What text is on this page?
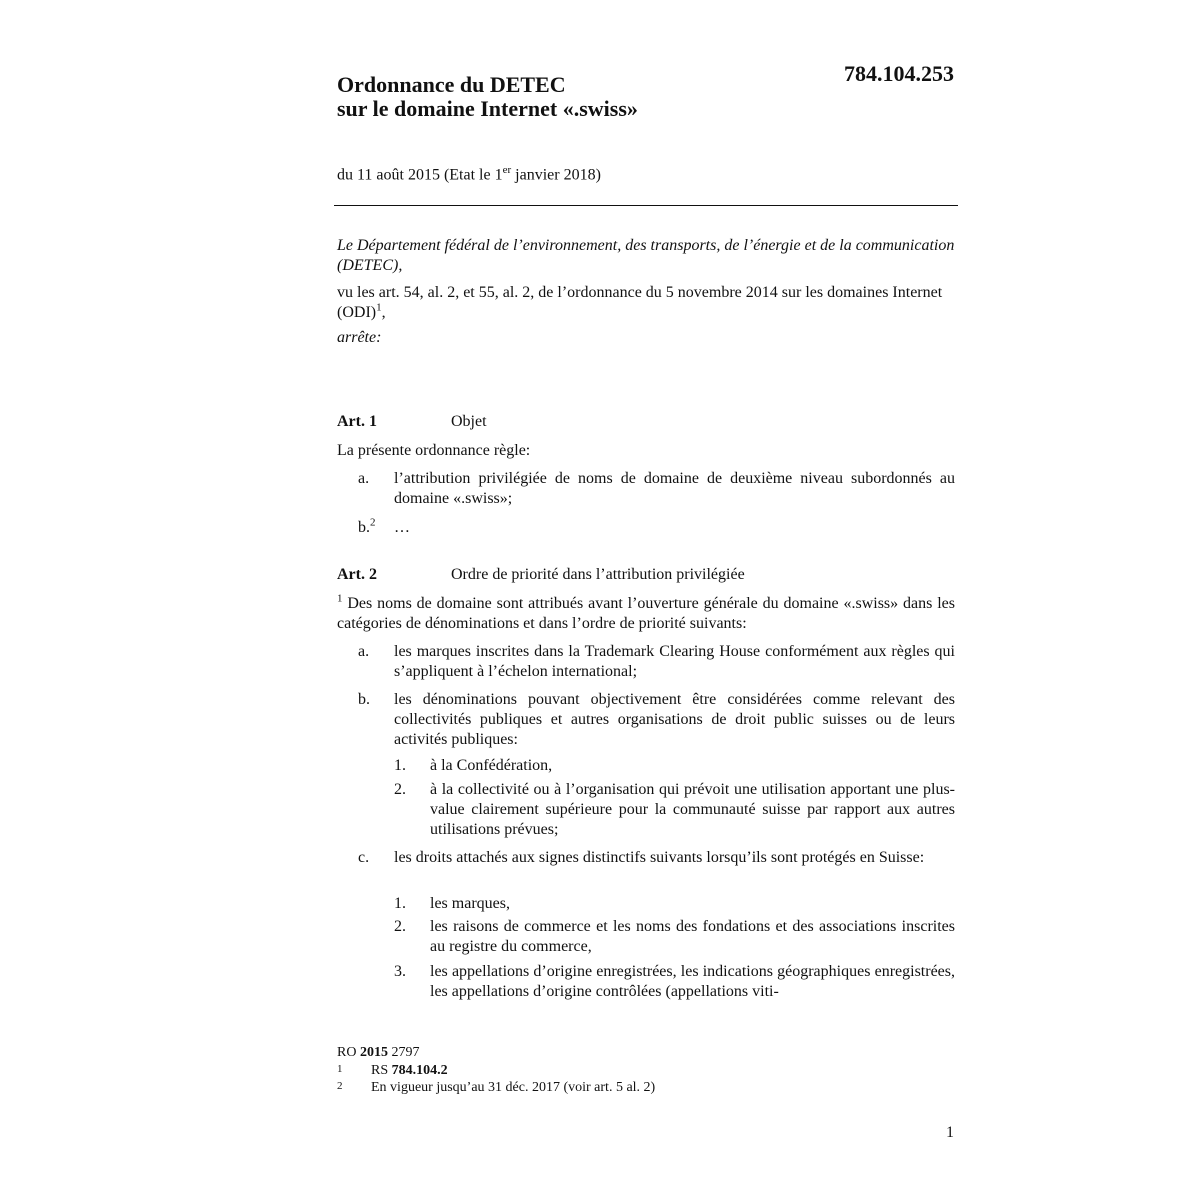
Ordonnance du DETEC
sur le domaine Internet «.swiss»
784.104.253
du 11 août 2015 (Etat le 1er janvier 2018)
Le Département fédéral de l’environnement, des transports, de l’énergie et de la communication (DETEC),
vu les art. 54, al. 2, et 55, al. 2, de l’ordonnance du 5 novembre 2014 sur les domaines Internet (ODI)$^1$,
arrête:
Art. 1	Objet
La présente ordonnance règle:
a. l’attribution privilégiée de noms de domaine de deuxième niveau subordonnés au domaine «.swiss»;
b.$^2$ …
Art. 2	Ordre de priorité dans l’attribution privilégiée
$^1$ Des noms de domaine sont attribués avant l’ouverture générale du domaine «.swiss» dans les catégories de dénominations et dans l’ordre de priorité suivants:
a. les marques inscrites dans la Trademark Clearing House conformément aux règles qui s’appliquent à l’échelon international;
b. les dénominations pouvant objectivement être considérées comme relevant des collectivités publiques et autres organisations de droit public suisses ou de leurs activités publiques:
1. à la Confédération,
2. à la collectivité ou à l’organisation qui prévoit une utilisation apportant une plus-value clairement supérieure pour la communauté suisse par rapport aux autres utilisations prévues;
c. les droits attachés aux signes distinctifs suivants lorsqu’ils sont protégés en Suisse:
1. les marques,
2. les raisons de commerce et les noms des fondations et des associations inscrites au registre du commerce,
3. les appellations d’origine enregistrées, les indications géographiques enregistrées, les appellations d’origine contrôlées (appellations viti-
RO 2015 2797
1 RS 784.104.2
2 En vigueur jusqu’au 31 déc. 2017 (voir art. 5 al. 2)
1
